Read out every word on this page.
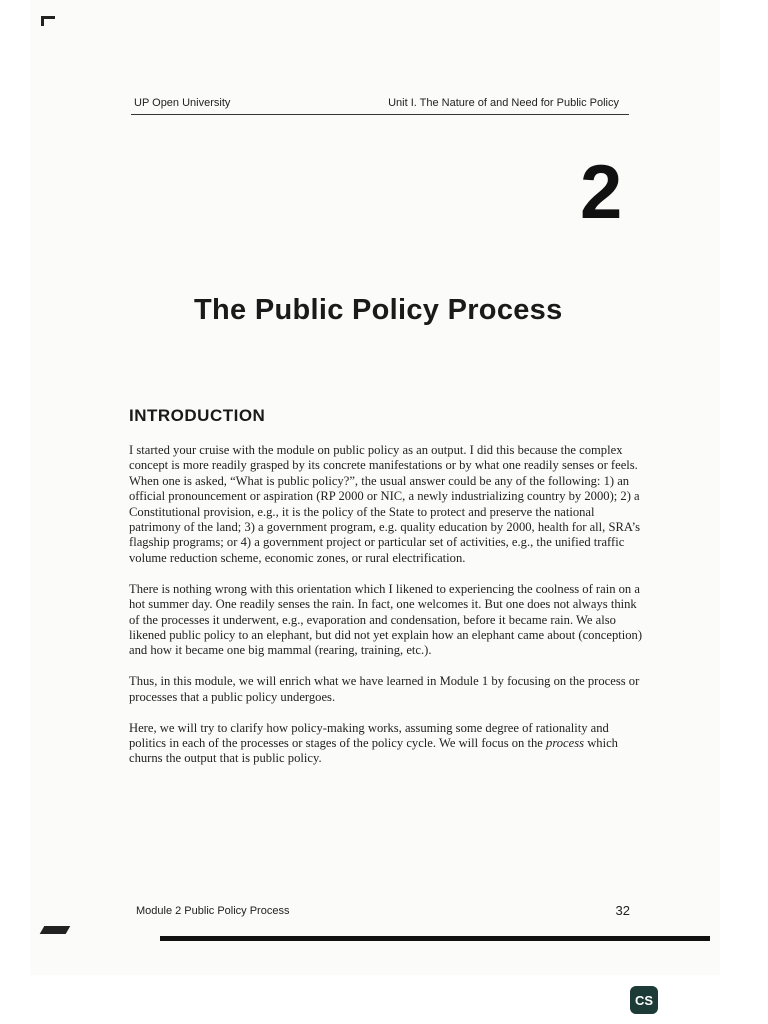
UP Open University	Unit I. The Nature of and Need for Public Policy
2
The Public Policy Process
INTRODUCTION

I started your cruise with the module on public policy as an output. I did this because the complex concept is more readily grasped by its concrete manifestations or by what one readily senses or feels. When one is asked, “What is public policy?”, the usual answer could be any of the following: 1) an official pronouncement or aspiration (RP 2000 or NIC, a newly industrializing country by 2000); 2) a Constitutional provision, e.g., it is the policy of the State to protect and preserve the national patrimony of the land; 3) a government program, e.g. quality education by 2000, health for all, SRA’s flagship programs; or 4) a government project or particular set of activities, e.g., the unified traffic volume reduction scheme, economic zones, or rural electrification.

There is nothing wrong with this orientation which I likened to experiencing the coolness of rain on a hot summer day. One readily senses the rain. In fact, one welcomes it. But one does not always think of the processes it underwent, e.g., evaporation and condensation, before it became rain. We also likened public policy to an elephant, but did not yet explain how an elephant came about (conception) and how it became one big mammal (rearing, training, etc.).

Thus, in this module, we will enrich what we have learned in Module 1 by focusing on the process or processes that a public policy undergoes.

Here, we will try to clarify how policy-making works, assuming some degree of rationality and politics in each of the processes or stages of the policy cycle. We will focus on the process which churns the output that is public policy.

Module 2 Public Policy Process	32
CS
